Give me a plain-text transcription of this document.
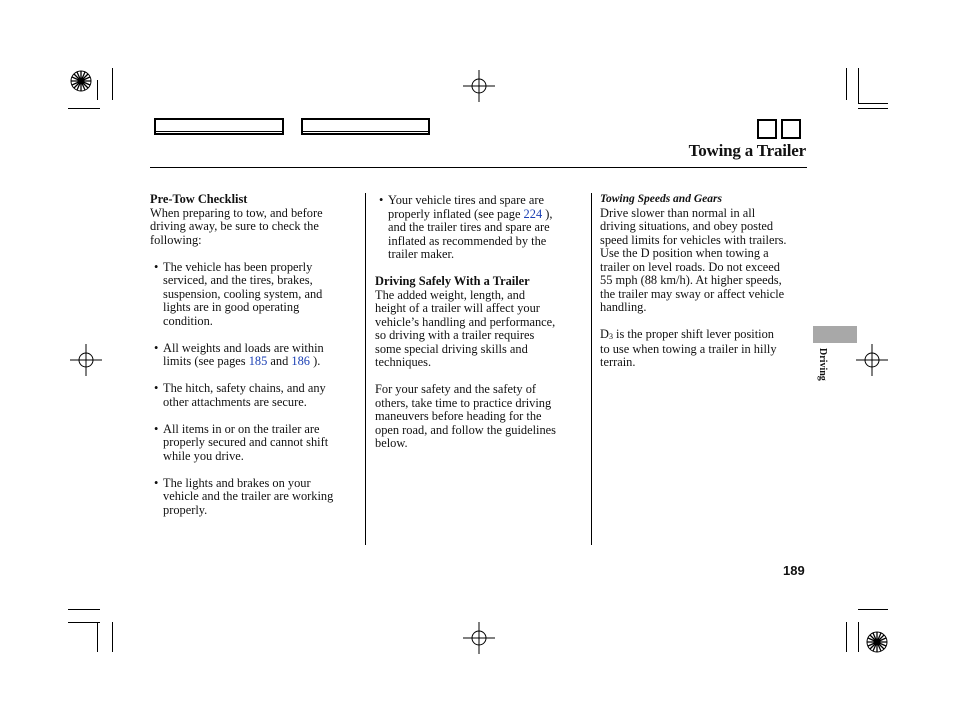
Towing a Trailer

Pre-Tow Checklist

When preparing to tow, and before

driving away, be sure to check the

following:

• The vehicle has been properly

serviced, and the tires, brakes,

suspension, cooling system, and

lights are in good operating

condition.

• All weights and loads are within

limits (see pages 185 and 186 ).

• The hitch, safety chains, and any

other attachments are secure.

• All items in or on the trailer are

properly secured and cannot shift

while you drive.

• The lights and brakes on your

vehicle and the trailer are working

properly.

• Your vehicle tires and spare are

properly inflated (see page 224 ),

and the trailer tires and spare are

inflated as recommended by the

trailer maker.

Driving Safely With a Trailer

The added weight, length, and

height of a trailer will affect your

vehicle’s handling and performance,

so driving with a trailer requires

some special driving skills and

techniques.

For your safety and the safety of

others, take time to practice driving

maneuvers before heading for the

open road, and follow the guidelines

below.

Towing Speeds and Gears

Drive slower than normal in all

driving situations, and obey posted

speed limits for vehicles with trailers.

Use the D position when towing a

trailer on level roads. Do not exceed

55 mph (88 km/h). At higher speeds,

the trailer may sway or affect vehicle

handling.

D3 is the proper shift lever position

to use when towing a trailer in hilly

terrain.	Driving
189
